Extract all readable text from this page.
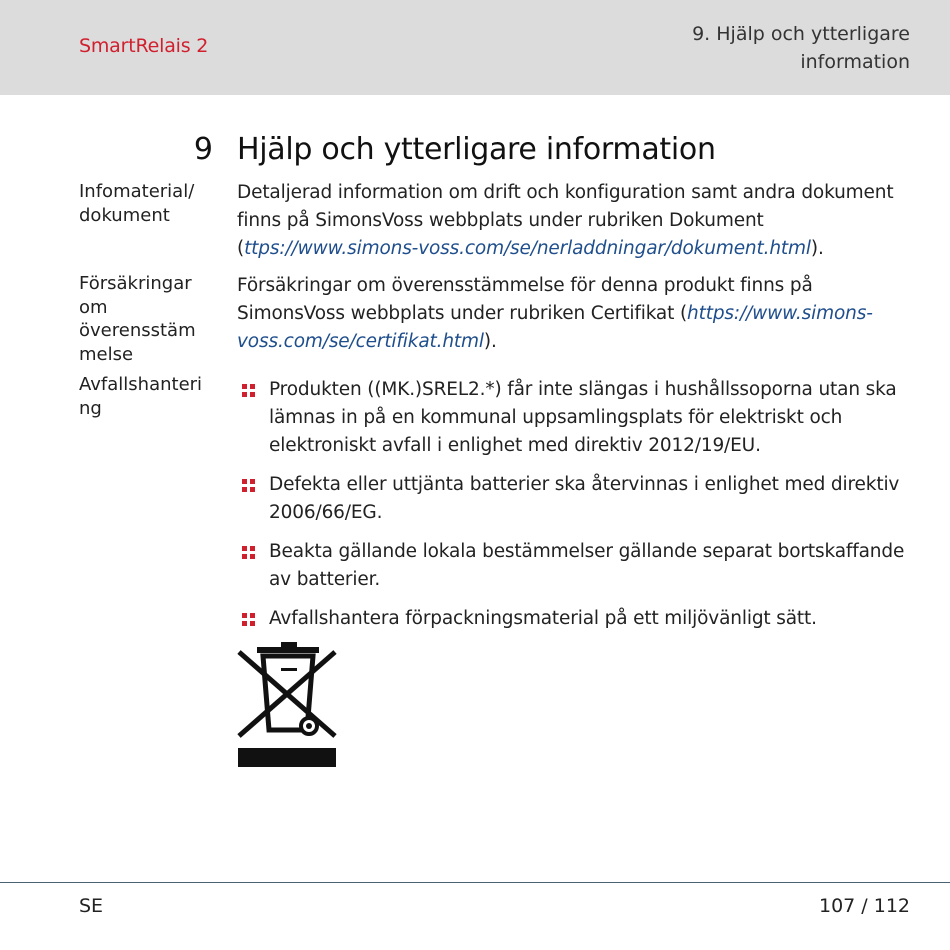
SmartRelais 2
9. Hjälp och ytterligare
information
9 Hjälp och ytterligare information
Infomaterial/
dokument
Detaljerad information om drift och konfiguration samt andra dokument finns på SimonsVoss webbplats under rubriken Dokument (ttps://www.simons-voss.com/se/nerladdningar/dokument.html).
Försäkringar
om
överensstäm
melse
Försäkringar om överensstämmelse för denna produkt finns på SimonsVoss webbplats under rubriken Certifikat (https://www.simons-voss.com/se/certifikat.html).
Avfallshanteri
ng
Produkten ((MK.)SREL2.*) får inte slängas i hushållssoporna utan ska lämnas in på en kommunal uppsamlingsplats för elektriskt och elektroniskt avfall i enlighet med direktiv 2012/19/EU.
Defekta eller uttjänta batterier ska återvinnas i enlighet med direktiv 2006/66/EG.
Beakta gällande lokala bestämmelser gällande separat bortskaffande av batterier.
Avfallshantera förpackningsmaterial på ett miljövänligt sätt.
SE	107 / 112
